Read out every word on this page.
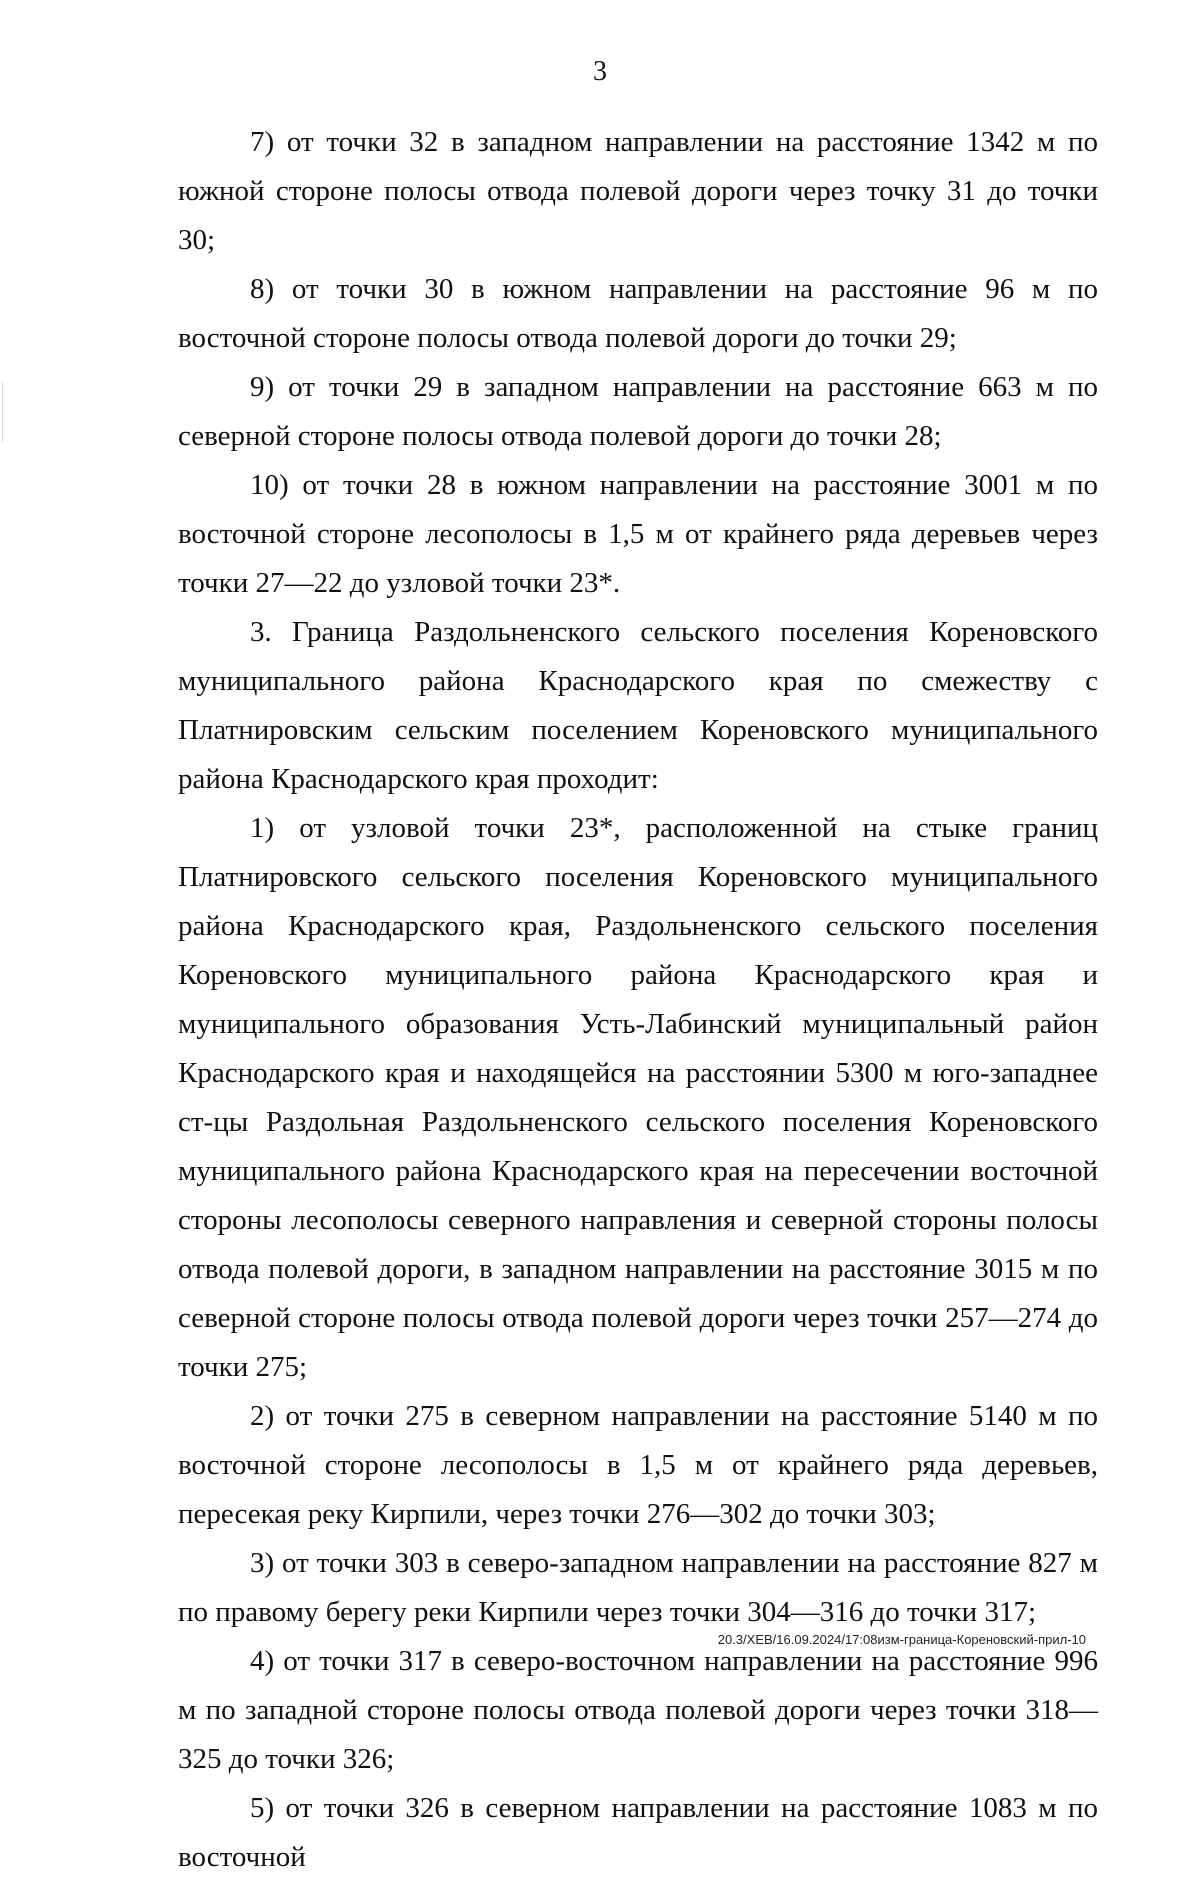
3

7) от точки 32 в западном направлении на расстояние 1342 м по южной стороне полосы отвода полевой дороги через точку 31 до точки 30;

8) от точки 30 в южном направлении на расстояние 96 м по восточной стороне полосы отвода полевой дороги до точки 29;

9) от точки 29 в западном направлении на расстояние 663 м по северной стороне полосы отвода полевой дороги до точки 28;

10) от точки 28 в южном направлении на расстояние 3001 м по восточной стороне лесополосы в 1,5 м от крайнего ряда деревьев через точки 27—22 до узловой точки 23*.

3. Граница Раздольненского сельского поселения Кореновского муниципального района Краснодарского края по смежеству с Платнировским сельским поселением Кореновского муниципального района Краснодарского края проходит:

1) от узловой точки 23*, расположенной на стыке границ Платнировского сельского поселения Кореновского муниципального района Краснодарского края, Раздольненского сельского поселения Кореновского муниципального района Краснодарского края и муниципального образования Усть-Лабинский муниципальный район Краснодарского края и находящейся на расстоянии 5300 м юго-западнее ст-цы Раздольная Раздольненского сельского поселения Кореновского муниципального района Краснодарского края на пересечении восточной стороны лесополосы северного направления и северной стороны полосы отвода полевой дороги, в западном направлении на расстояние 3015 м по северной стороне полосы отвода полевой дороги через точки 257—274 до точки 275;

2) от точки 275 в северном направлении на расстояние 5140 м по восточной стороне лесополосы в 1,5 м от крайнего ряда деревьев, пересекая реку Кирпили, через точки 276—302 до точки 303;

3) от точки 303 в северо-западном направлении на расстояние 827 м по правому берегу реки Кирпили через точки 304—316 до точки 317;

4) от точки 317 в северо-восточном направлении на расстояние 996 м по западной стороне полосы отвода полевой дороги через точки 318—325 до точки 326;

5) от точки 326 в северном направлении на расстояние 1083 м по восточной

20.3/ХЕВ/16.09.2024/17:08изм-граница-Кореновский-прил-10
